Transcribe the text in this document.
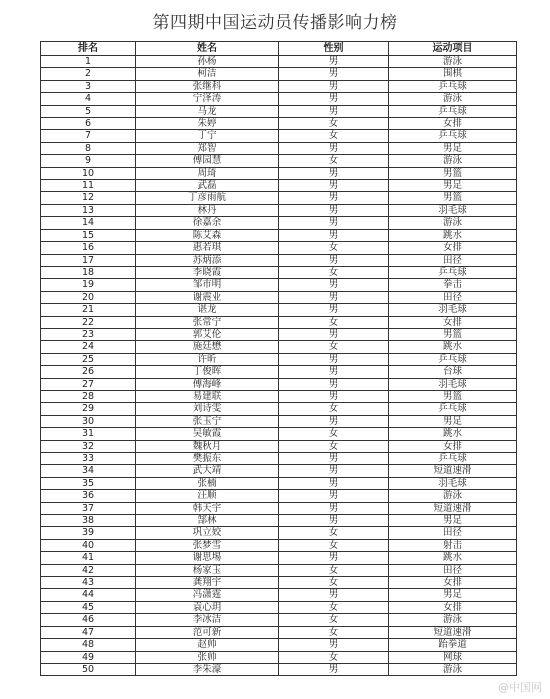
第四期中国运动员传播影响力榜
排名	姓名	性别	运动项目
1	孙杨	男	游泳
2	柯洁	男	围棋
3	张继科	男	乒乓球
4	宁泽涛	男	游泳
5	马龙	男	乒乓球
6	朱婷	女	女排
7	丁宁	女	乒乓球
8	郑智	男	男足
9	傅园慧	女	游泳
10	周琦	男	男篮
11	武磊	男	男足
12	丁彦雨航	男	男篮
13	林丹	男	羽毛球
14	徐嘉余	男	游泳
15	陈艾森	男	跳水
16	惠若琪	女	女排
17	苏炳添	男	田径
18	李晓霞	女	乒乓球
19	邹市明	男	拳击
20	谢震业	男	田径
21	谌龙	男	羽毛球
22	张常宁	女	女排
23	郭艾伦	男	男篮
24	施廷懋	女	跳水
25	许昕	男	乒乓球
26	丁俊晖	男	台球
27	傅海峰	男	羽毛球
28	易建联	男	男篮
29	刘诗雯	女	乒乓球
30	张玉宁	男	男足
31	吴敏霞	女	跳水
32	魏秋月	女	女排
33	樊振东	男	乒乓球
34	武大靖	男	短道速滑
35	张楠	男	羽毛球
36	汪顺	男	游泳
37	韩天宇	男	短道速滑
38	郜林	男	男足
39	巩立姣	女	田径
40	张梦雪	女	射击
41	谢思埸	男	跳水
42	杨家玉	女	田径
43	龚翔宇	女	女排
44	冯潇霆	男	男足
45	袁心玥	女	女排
46	李冰洁	女	游泳
47	范可新	女	短道速滑
48	赵帅	男	跆拳道
49	张帅	女	网球
50	李朱濠	男	游泳
@中国网
